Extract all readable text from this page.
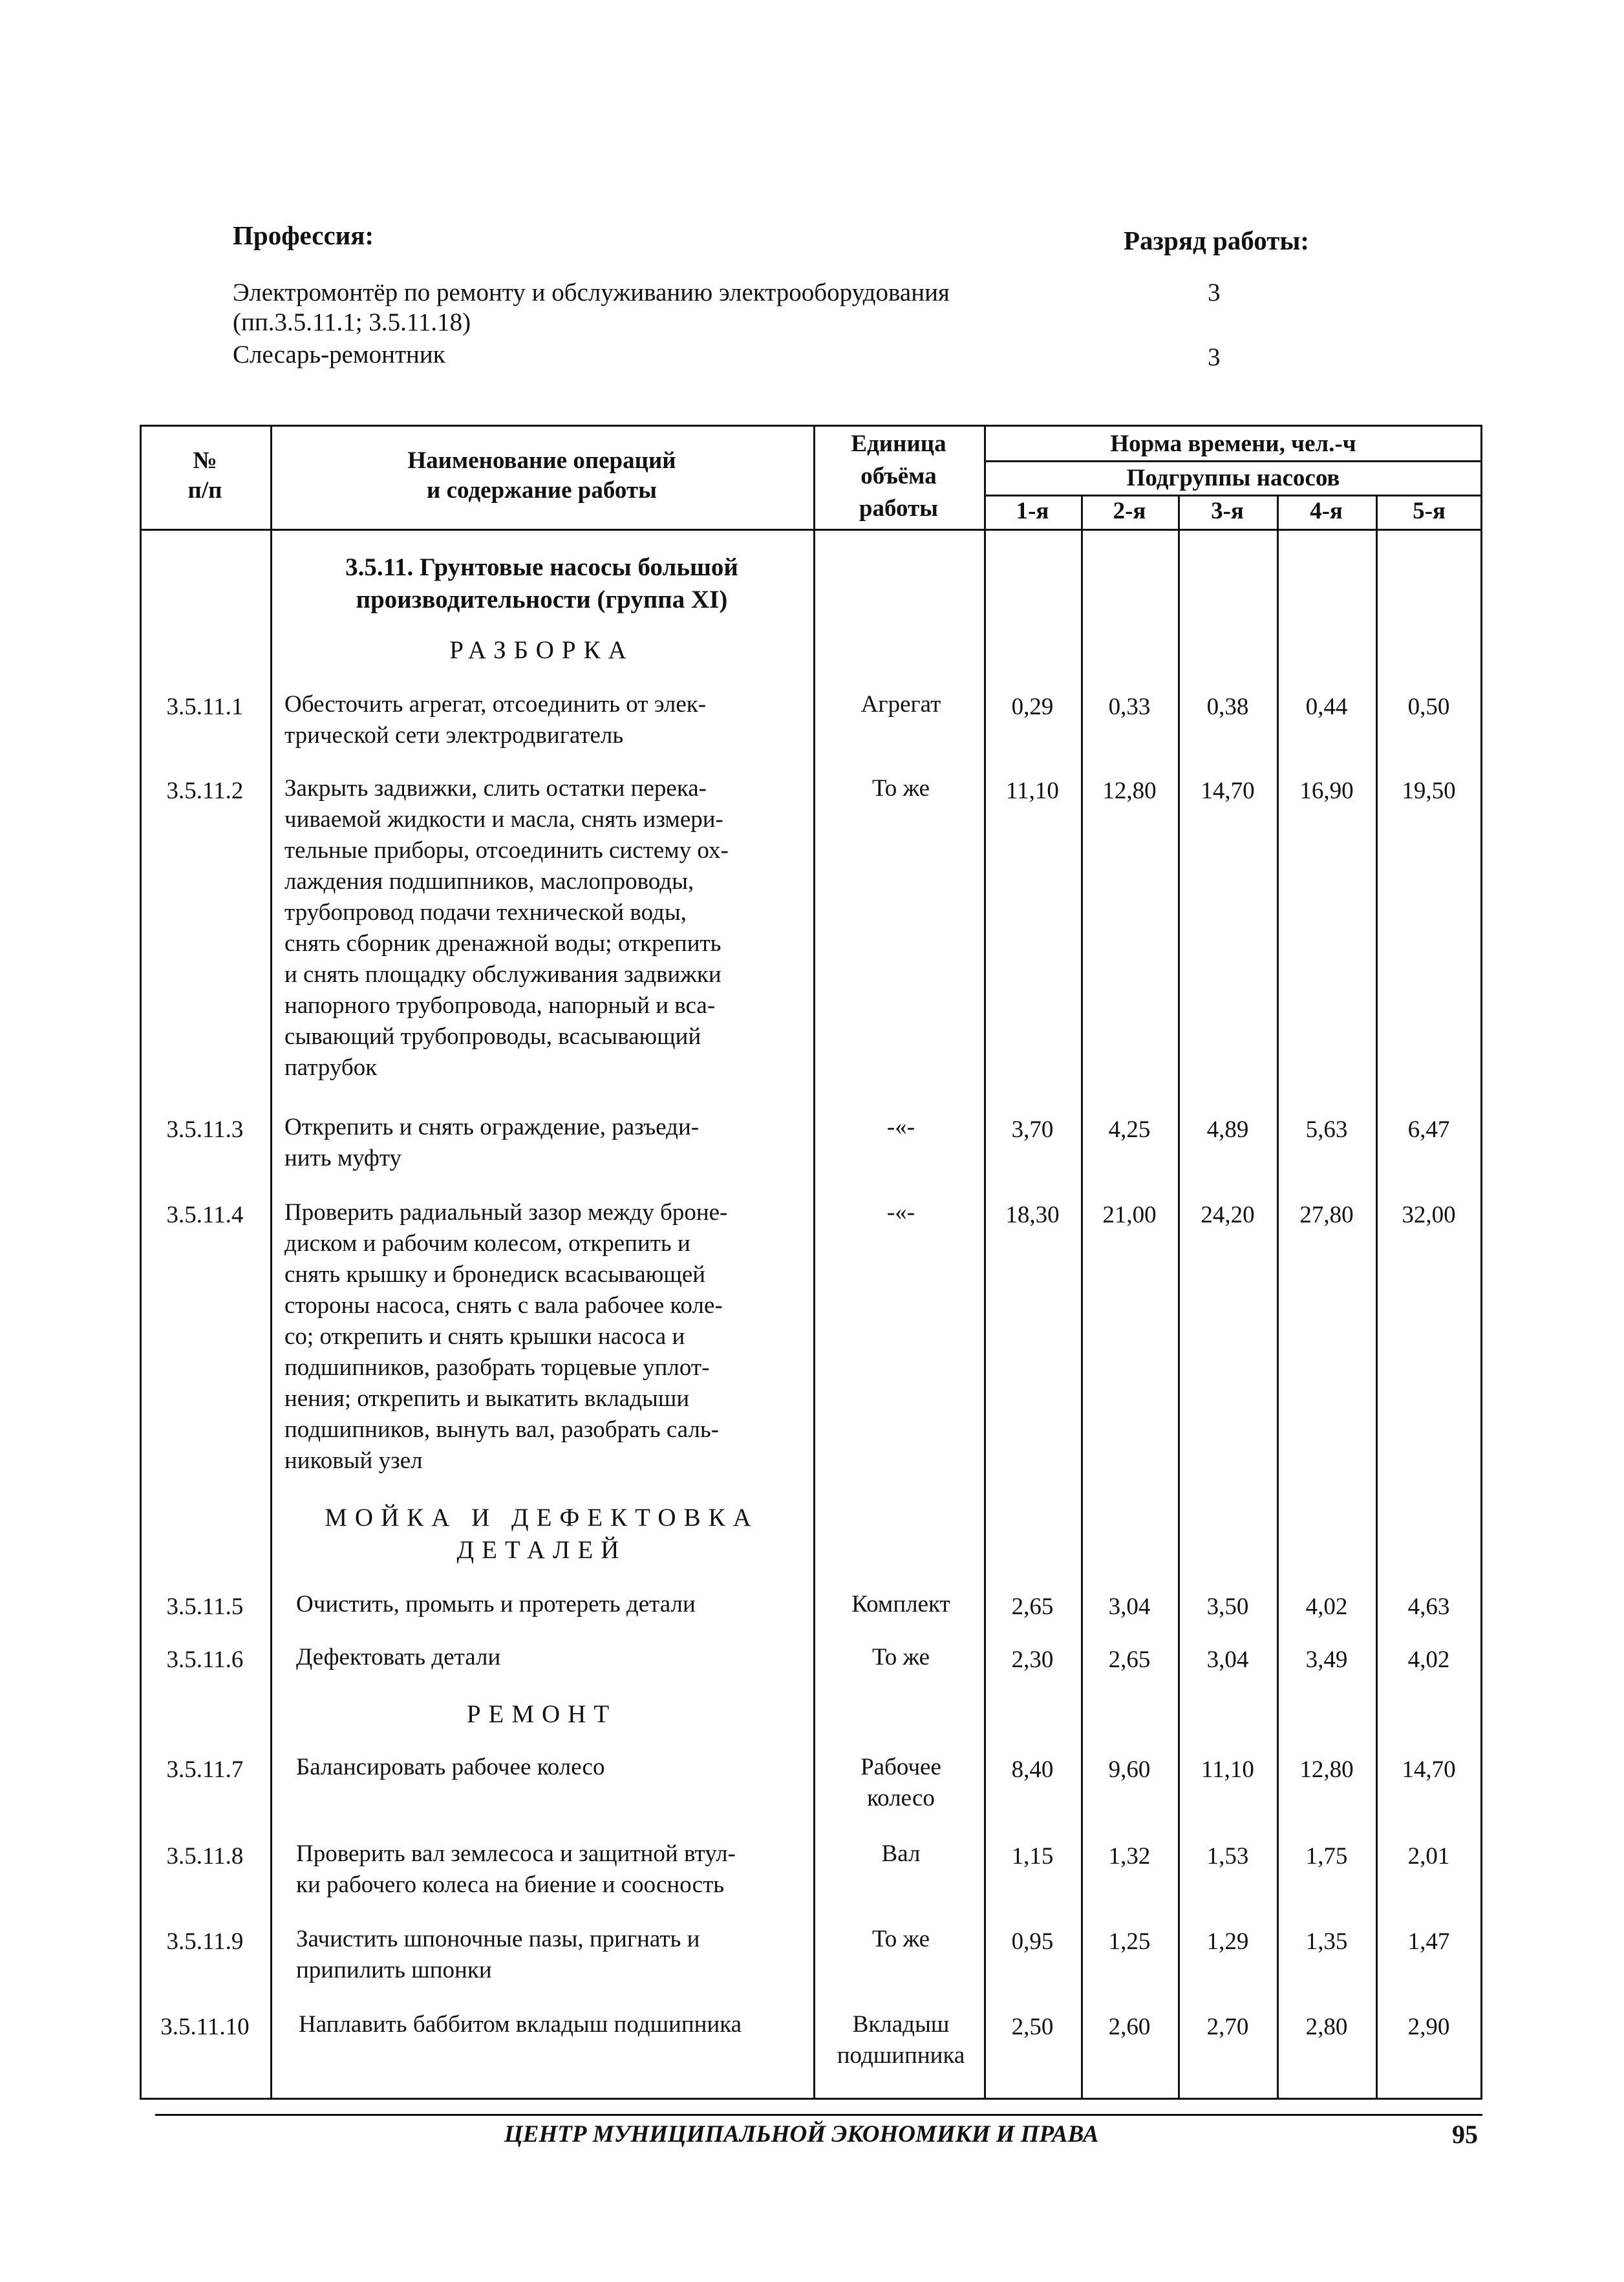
Профессия:	Разряд работы:
Электромонтёр по ремонту и обслуживанию электрооборудования	3
(пп.3.5.11.1; 3.5.11.18)
Слесарь-ремонтник	3
№
п/п
Наименование операций
и содержание работы
Единица
объёма
работы
Норма времени, чел.-ч
Подгруппы насосов
1-я	2-я	3-я	4-я	5-я
3.5.11. Грунтовые насосы большой
производительности (группа XI)
РАЗБОРКА
3.5.11.1	Обесточить агрегат, отсоединить от элек-
трической сети электродвигатель
Агрегат	0,29	0,33	0,38	0,44	0,50
3.5.11.2	Закрыть задвижки, слить остатки перека-
чиваемой жидкости и масла, снять измери-
тельные приборы, отсоединить систему ох-
лаждения подшипников, маслопроводы,
трубопровод подачи технической воды,
снять сборник дренажной воды; открепить
и снять площадку обслуживания задвижки
напорного трубопровода, напорный и вса-
сывающий трубопроводы, всасывающий
патрубок
То же	11,10	12,80	14,70	16,90	19,50
3.5.11.3	Открепить и снять ограждение, разъеди-
нить муфту
-«-	3,70	4,25	4,89	5,63	6,47
3.5.11.4	Проверить радиальный зазор между броне-
диском и рабочим колесом, открепить и
снять крышку и бронедиск всасывающей
стороны насоса, снять с вала рабочее коле-
со; открепить и снять крышки насоса и
подшипников, разобрать торцевые уплот-
нения; открепить и выкатить вкладыши
подшипников, вынуть вал, разобрать саль-
никовый узел
-«-	18,30	21,00	24,20	27,80	32,00
МОЙКА И ДЕФЕКТОВКА
ДЕТАЛЕЙ
3.5.11.5	Очистить, промыть и протереть детали	Комплект	2,65	3,04	3,50	4,02	4,63
3.5.11.6	Дефектовать детали	То же	2,30	2,65	3,04	3,49	4,02
РЕМОНТ
3.5.11.7	Балансировать рабочее колесо	Рабочее
колесо
8,40	9,60	11,10	12,80	14,70
3.5.11.8	Проверить вал землесоса и защитной втул-
ки рабочего колеса на биение и соосность
Вал	1,15	1,32	1,53	1,75	2,01
3.5.11.9	Зачистить шпоночные пазы, пригнать и
припилить шпонки
То же	0,95	1,25	1,29	1,35	1,47
3.5.11.10	Наплавить баббитом вкладыш подшипника	Вкладыш
подшипника
2,50	2,60	2,70	2,80	2,90
ЦЕНТР МУНИЦИПАЛЬНОЙ ЭКОНОМИКИ И ПРАВА	95
